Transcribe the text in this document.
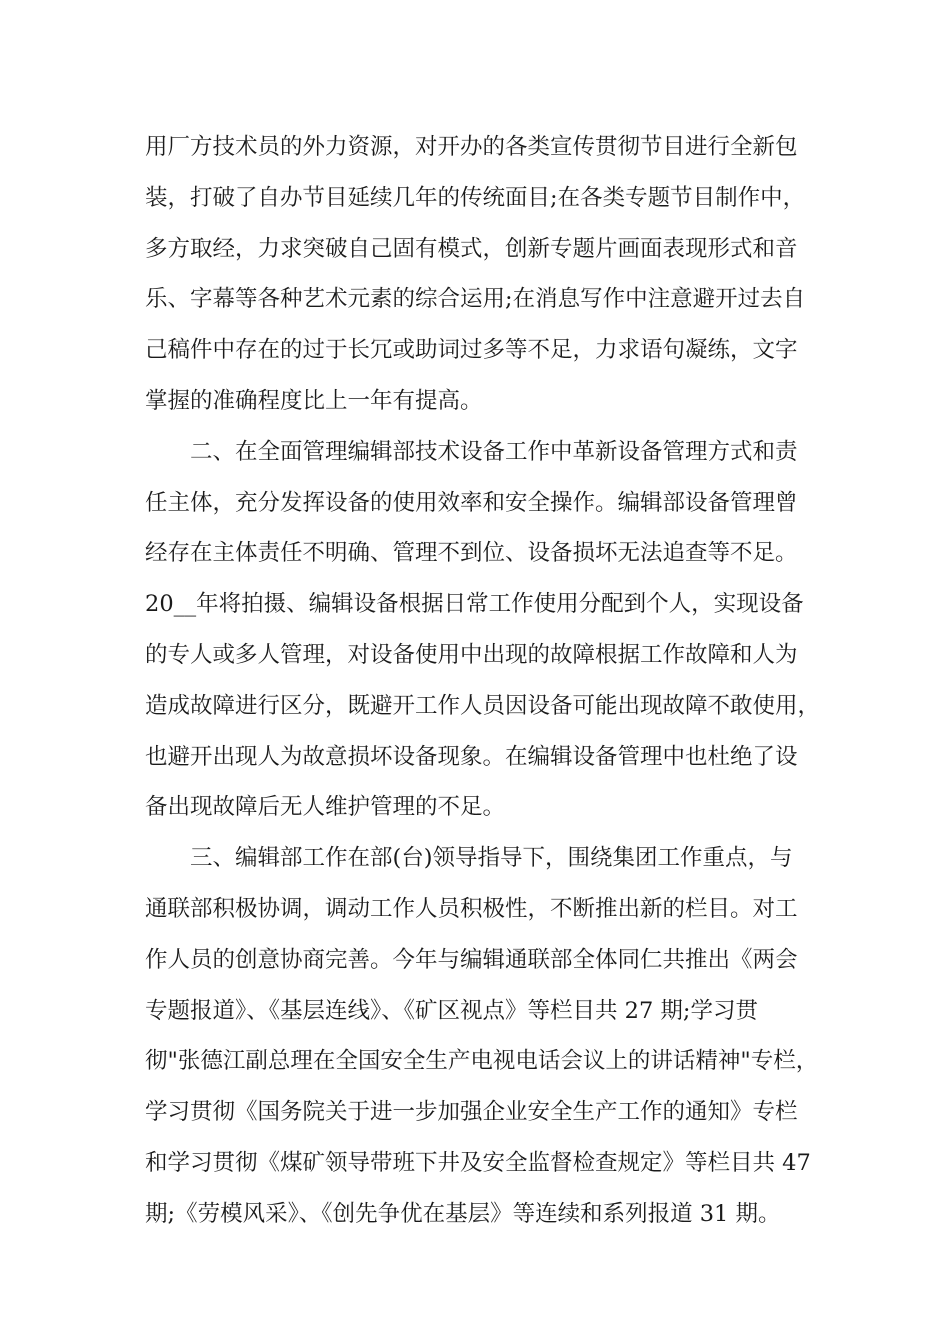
用厂方技术员的外力资源，对开办的各类宣传贯彻节目进行全新包
装，打破了自办节目延续几年的传统面目;在各类专题节目制作中，
多方取经，力求突破自己固有模式，创新专题片画面表现形式和音
乐、字幕等各种艺术元素的综合运用;在消息写作中注意避开过去自
己稿件中存在的过于长冗或助词过多等不足，力求语句凝练，文字
掌握的准确程度比上一年有提高。
二、在全面管理编辑部技术设备工作中革新设备管理方式和责
任主体，充分发挥设备的使用效率和安全操作。编辑部设备管理曾
经存在主体责任不明确、管理不到位、设备损坏无法追查等不足。
20__年将拍摄、编辑设备根据日常工作使用分配到个人，实现设备
的专人或多人管理，对设备使用中出现的故障根据工作故障和人为
造成故障进行区分，既避开工作人员因设备可能出现故障不敢使用，
也避开出现人为故意损坏设备现象。在编辑设备管理中也杜绝了设
备出现故障后无人维护管理的不足。
三、编辑部工作在部(台)领导指导下，围绕集团工作重点，与
通联部积极协调，调动工作人员积极性，不断推出新的栏目。对工
作人员的创意协商完善。今年与编辑通联部全体同仁共推出《两会
专题报道》、《基层连线》、《矿区视点》等栏目共 27 期;学习贯
彻"张德江副总理在全国安全生产电视电话会议上的讲话精神"专栏，
学习贯彻《国务院关于进一步加强企业安全生产工作的通知》专栏
和学习贯彻《煤矿领导带班下井及安全监督检查规定》等栏目共 47
期;《劳模风采》、《创先争优在基层》等连续和系列报道 31 期。
